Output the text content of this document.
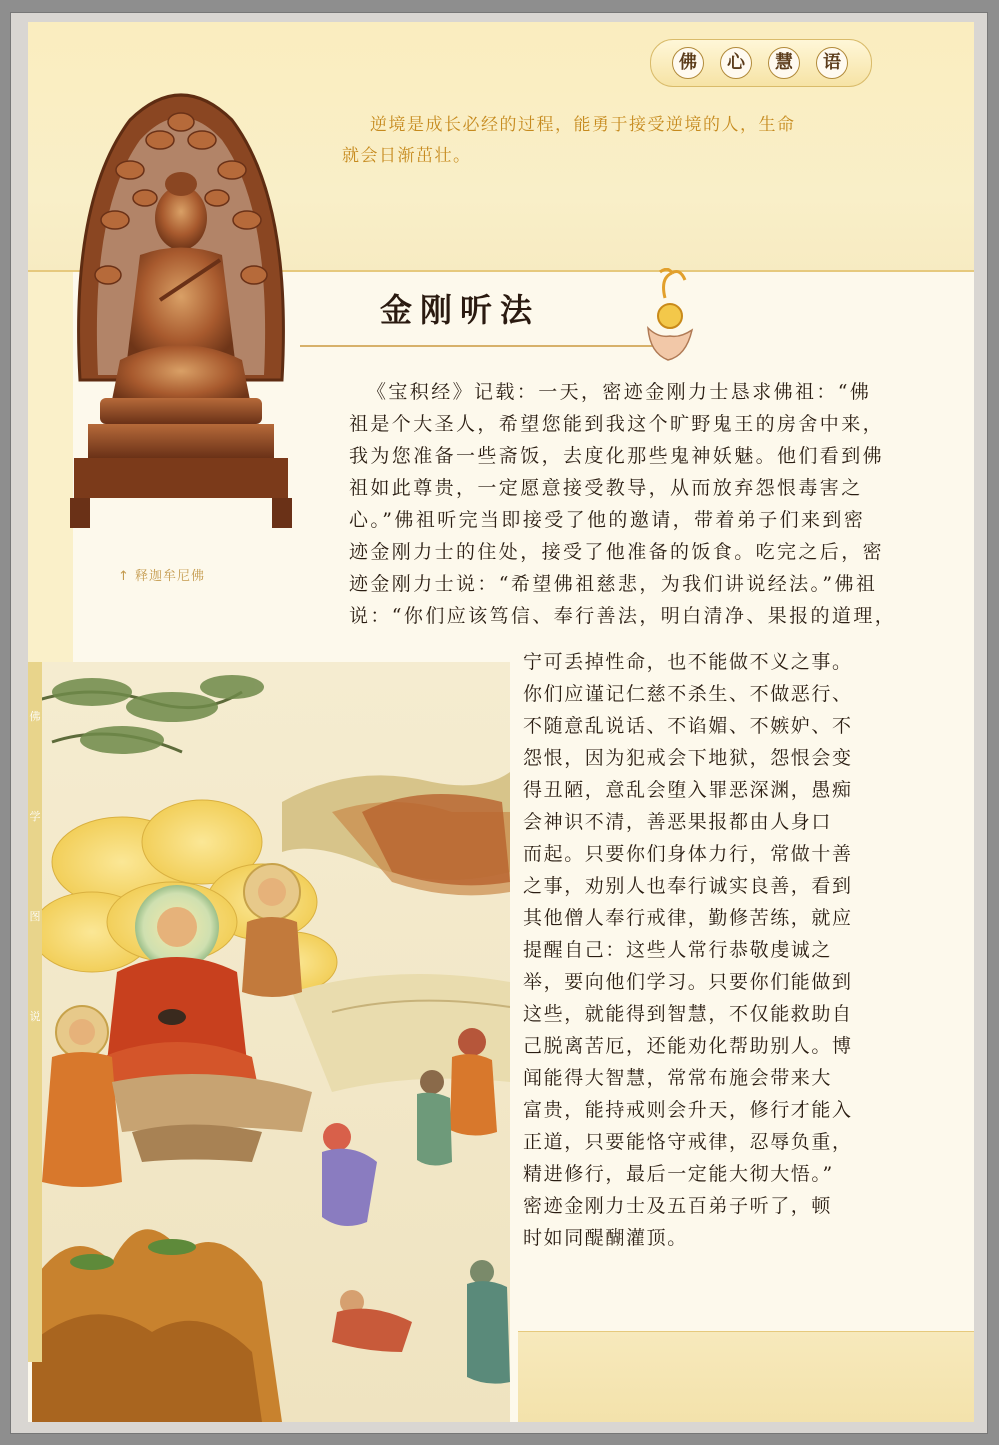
佛	心	慧	语
逆境是成长必经的过程，能勇于接受逆境的人，生命
就会日渐茁壮。
↑ 释迦牟尼佛
金刚听法
《宝积经》记载：一天，密迹金刚力士恳求佛祖：“佛
祖是个大圣人，希望您能到我这个旷野鬼王的房舍中来，
我为您准备一些斋饭，去度化那些鬼神妖魅。他们看到佛
祖如此尊贵，一定愿意接受教导，从而放弃怨恨毒害之
心。”佛祖听完当即接受了他的邀请，带着弟子们来到密
迹金刚力士的住处，接受了他准备的饭食。吃完之后，密
迹金刚力士说：“希望佛祖慈悲，为我们讲说经法。”佛祖
说：“你们应该笃信、奉行善法，明白清净、果报的道理，
宁可丢掉性命，也不能做不义之事。
你们应谨记仁慈不杀生、不做恶行、
不随意乱说话、不谄媚、不嫉妒、不
怨恨，因为犯戒会下地狱，怨恨会变
得丑陋，意乱会堕入罪恶深渊，愚痴
会神识不清，善恶果报都由人身口
而起。只要你们身体力行，常做十善
之事，劝别人也奉行诚实良善，看到
其他僧人奉行戒律，勤修苦练，就应
提醒自己：这些人常行恭敬虔诚之
举，要向他们学习。只要你们能做到
这些，就能得到智慧，不仅能救助自
己脱离苦厄，还能劝化帮助别人。博
闻能得大智慧，常常布施会带来大
富贵，能持戒则会升天，修行才能入
正道，只要能恪守戒律，忍辱负重，
精进修行，最后一定能大彻大悟。”
密迹金刚力士及五百弟子听了，顿
时如同醍醐灌顶。
佛
学
图
说
